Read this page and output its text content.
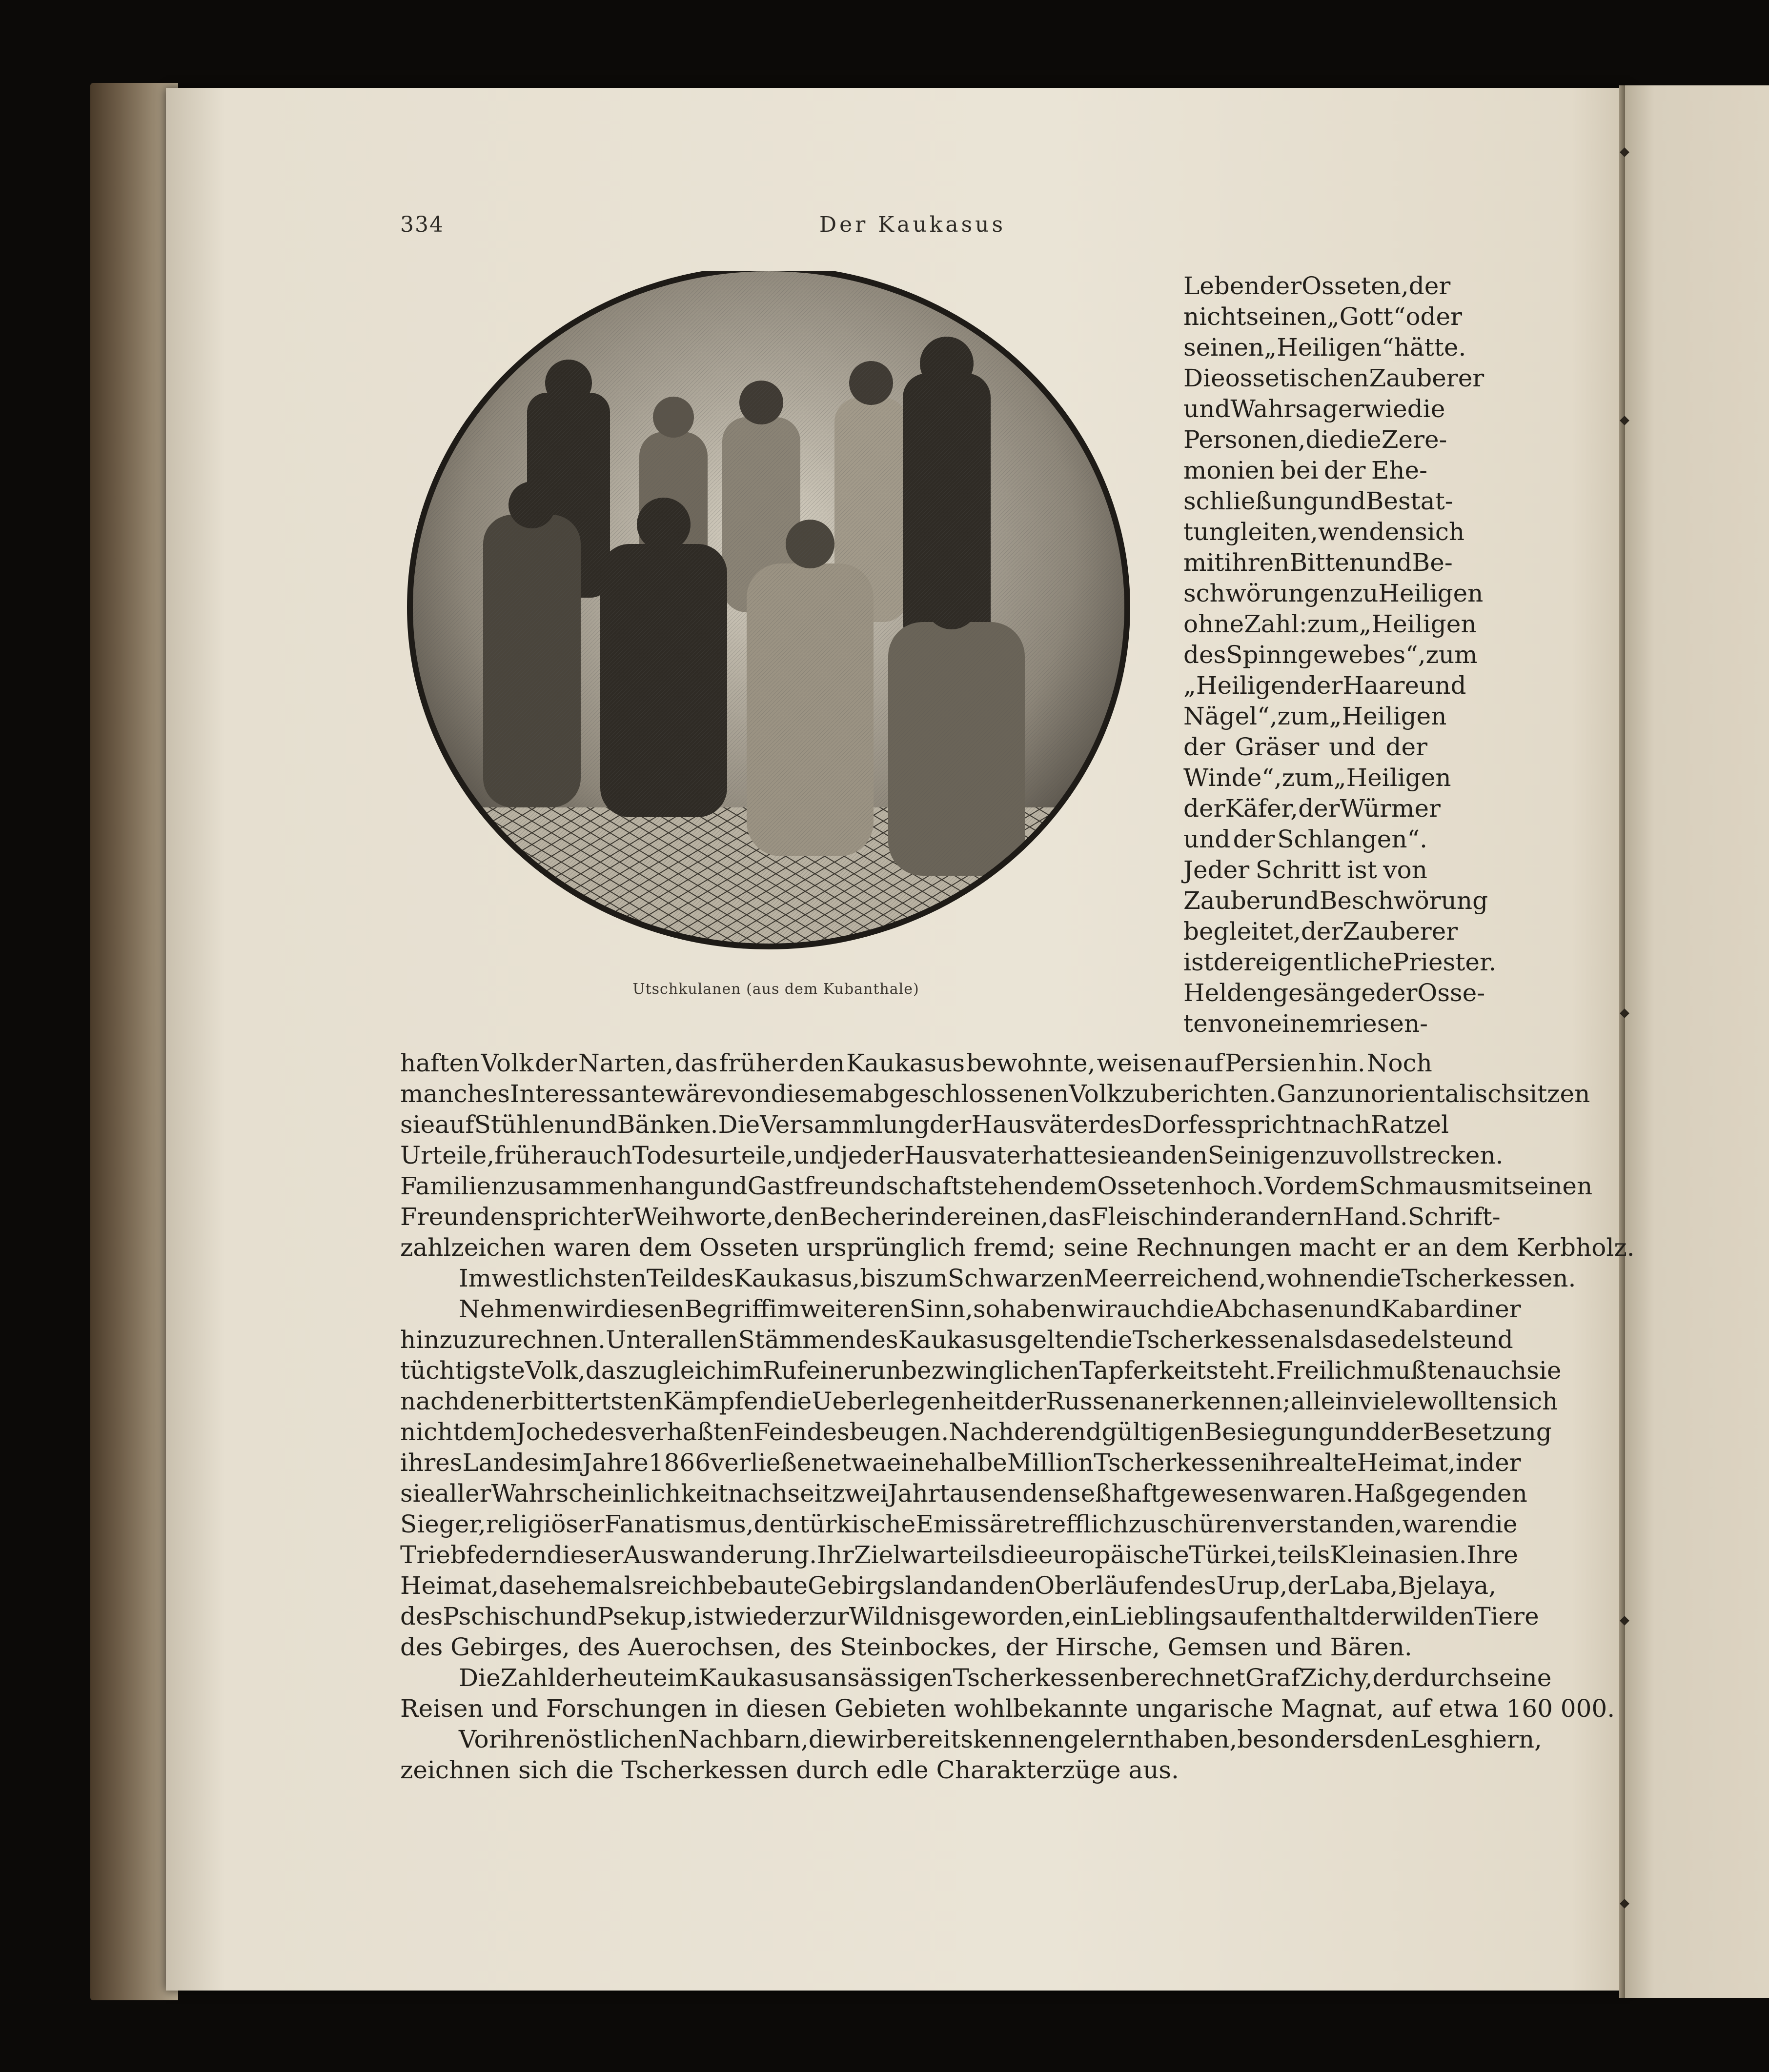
334	Der Kaukasus
Utschkulanen (aus dem Kubanthale)
Leben der Osseten, der
nicht seinen „Gott“ oder
seinen „Heiligen“ hätte.
Die ossetischen Zauberer
und Wahrsager wie die
Personen, die die Zere-
monien bei der Ehe-
schließung und Bestat-
tung leiten, wenden sich
mit ihren Bitten und Be-
schwörungen zu Heiligen
ohne Zahl: zum „Heiligen
des Spinngewebes“, zum
„Heiligen der Haare und
Nägel“, zum „Heiligen
der Gräser und der
Winde“, zum „Heiligen
der Käfer, der Würmer
und der Schlangen“.
Jeder Schritt ist von
Zauber und Beschwörung
begleitet, der Zauberer
ist der eigentliche Priester.
Heldengesänge der Osse-
ten von einem riesen-
haften Volk der Narten, das früher den Kaukasus bewohnte, weisen auf Persien hin. Noch
manches Interessante wäre von diesem abgeschlossenen Volk zu berichten. Ganz unorientalisch sitzen
sie auf Stühlen und Bänken. Die Versammlung der Hausväter des Dorfes spricht nach Ratzel
Urteile, früher auch Todesurteile, und jeder Hausvater hatte sie an den Seinigen zu vollstrecken.
Familienzusammenhang und Gastfreundschaft stehen dem Osseten hoch. Vor dem Schmaus mit seinen
Freunden spricht er Weihworte, den Becher in der einen, das Fleisch in der andern Hand. Schrift-
zahlzeichen waren dem Osseten ursprünglich fremd; seine Rechnungen macht er an dem Kerbholz.
Im westlichsten Teil des Kaukasus, bis zum Schwarzen Meer reichend, wohnen die Tscherkessen.
Nehmen wir diesen Begriff im weiteren Sinn, so haben wir auch die Abchasen und Kabardiner
hinzuzurechnen. Unter allen Stämmen des Kaukasus gelten die Tscherkessen als das edelste und
tüchtigste Volk, das zugleich im Ruf einer unbezwinglichen Tapferkeit steht. Freilich mußten auch sie
nach den erbittertsten Kämpfen die Ueberlegenheit der Russen anerkennen; allein viele wollten sich
nicht dem Joche des verhaßten Feindes beugen. Nach der endgültigen Besiegung und der Besetzung
ihres Landes im Jahre 1866 verließen etwa eine halbe Million Tscherkessen ihre alte Heimat, in der
sie aller Wahrscheinlichkeit nach seit zwei Jahrtausenden seßhaft gewesen waren. Haß gegen den
Sieger, religiöser Fanatismus, den türkische Emissäre trefflich zu schüren verstanden, waren die
Triebfedern dieser Auswanderung. Ihr Ziel war teils die europäische Türkei, teils Kleinasien. Ihre
Heimat, das ehemals reich bebaute Gebirgsland an den Oberläufen des Urup, der Laba, Bjelaya,
des Pschisch und Psekup, ist wieder zur Wildnis geworden, ein Lieblingsaufenthalt der wilden Tiere
des Gebirges, des Auerochsen, des Steinbockes, der Hirsche, Gemsen und Bären.
Die Zahl der heute im Kaukasus ansässigen Tscherkessen berechnet Graf Zichy, der durch seine
Reisen und Forschungen in diesen Gebieten wohlbekannte ungarische Magnat, auf etwa 160 000.
Vor ihren östlichen Nachbarn, die wir bereits kennen gelernt haben, besonders den Lesghiern,
zeichnen sich die Tscherkessen durch edle Charakterzüge aus.
